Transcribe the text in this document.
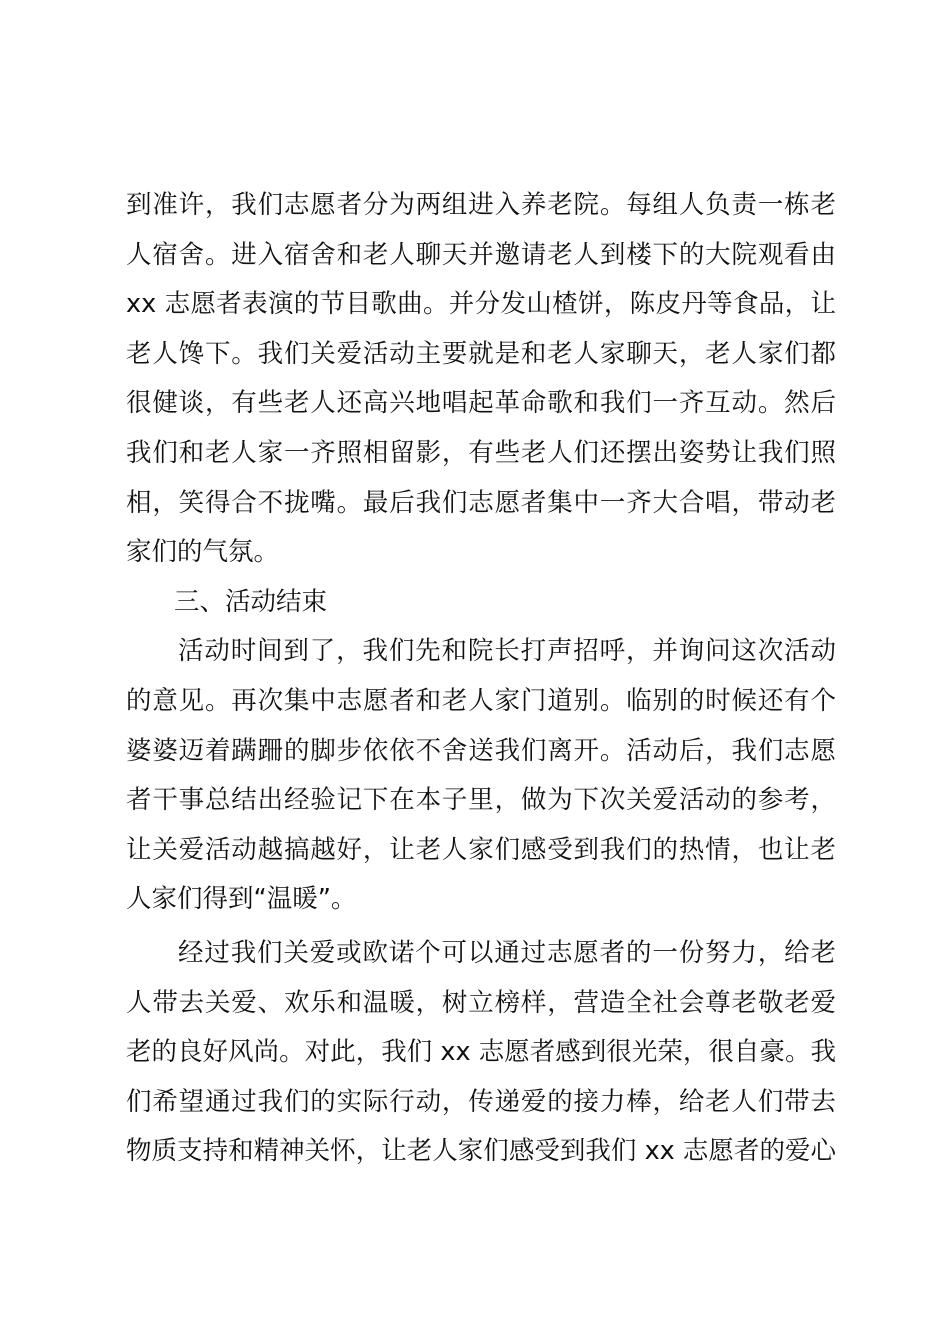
到准许，我们志愿者分为两组进入养老院。每组人负责一栋老
人宿舍。进入宿舍和老人聊天并邀请老人到楼下的大院观看由
xx 志愿者表演的节目歌曲。并分发山楂饼，陈皮丹等食品，让
老人馋下。我们关爱活动主要就是和老人家聊天，老人家们都
很健谈，有些老人还高兴地唱起革命歌和我们一齐互动。然后
我们和老人家一齐照相留影，有些老人们还摆出姿势让我们照
相，笑得合不拢嘴。最后我们志愿者集中一齐大合唱，带动老
家们的气氛。
三、活动结束
活动时间到了，我们先和院长打声招呼，并询问这次活动
的意见。再次集中志愿者和老人家门道别。临别的时候还有个
婆婆迈着蹒跚的脚步依依不舍送我们离开。活动后，我们志愿
者干事总结出经验记下在本子里，做为下次关爱活动的参考，
让关爱活动越搞越好，让老人家们感受到我们的热情，也让老
人家们得到“温暖”。
经过我们关爱或欧诺个可以通过志愿者的一份努力，给老
人带去关爱、欢乐和温暖，树立榜样，营造全社会尊老敬老爱
老的良好风尚。对此，我们 xx 志愿者感到很光荣，很自豪。我
们希望通过我们的实际行动，传递爱的接力棒，给老人们带去
物质支持和精神关怀，让老人家们感受到我们 xx 志愿者的爱心
